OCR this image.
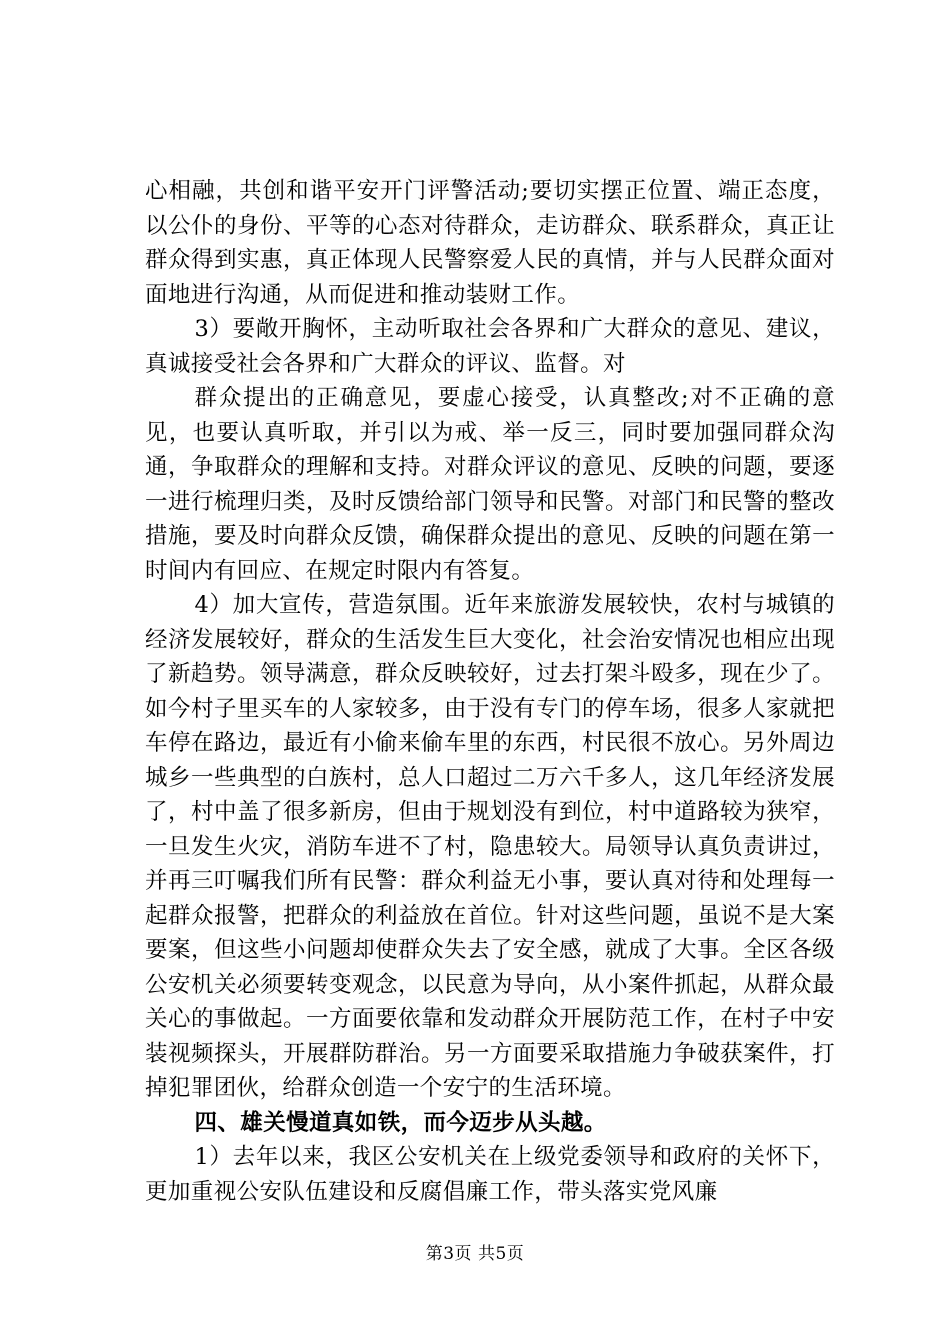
心相融，共创和谐平安开门评警活动;要切实摆正位置、端正态度，以公仆的身份、平等的心态对待群众，走访群众、联系群众，真正让群众得到实惠，真正体现人民警察爱人民的真情，并与人民群众面对面地进行沟通，从而促进和推动装财工作。

3）要敞开胸怀，主动听取社会各界和广大群众的意见、建议，真诚接受社会各界和广大群众的评议、监督。对

群众提出的正确意见，要虚心接受，认真整改;对不正确的意见，也要认真听取，并引以为戒、举一反三，同时要加强同群众沟通，争取群众的理解和支持。对群众评议的意见、反映的问题，要逐一进行梳理归类，及时反馈给部门领导和民警。对部门和民警的整改措施，要及时向群众反馈，确保群众提出的意见、反映的问题在第一时间内有回应、在规定时限内有答复。

4）加大宣传，营造氛围。近年来旅游发展较快，农村与城镇的经济发展较好，群众的生活发生巨大变化，社会治安情况也相应出现了新趋势。领导满意，群众反映较好，过去打架斗殴多，现在少了。如今村子里买车的人家较多，由于没有专门的停车场，很多人家就把车停在路边，最近有小偷来偷车里的东西，村民很不放心。另外周边城乡一些典型的白族村，总人口超过二万六千多人，这几年经济发展了，村中盖了很多新房，但由于规划没有到位，村中道路较为狭窄，一旦发生火灾，消防车进不了村，隐患较大。局领导认真负责讲过，并再三叮嘱我们所有民警：群众利益无小事，要认真对待和处理每一起群众报警，把群众的利益放在首位。针对这些问题，虽说不是大案要案，但这些小问题却使群众失去了安全感，就成了大事。全区各级公安机关必须要转变观念，以民意为导向，从小案件抓起，从群众最关心的事做起。一方面要依靠和发动群众开展防范工作，在村子中安装视频探头，开展群防群治。另一方面要采取措施力争破获案件，打掉犯罪团伙，给群众创造一个安宁的生活环境。

四、雄关慢道真如铁，而今迈步从头越。

1）去年以来，我区公安机关在上级党委领导和政府的关怀下，更加重视公安队伍建设和反腐倡廉工作，带头落实党风廉

第3页 共5页
